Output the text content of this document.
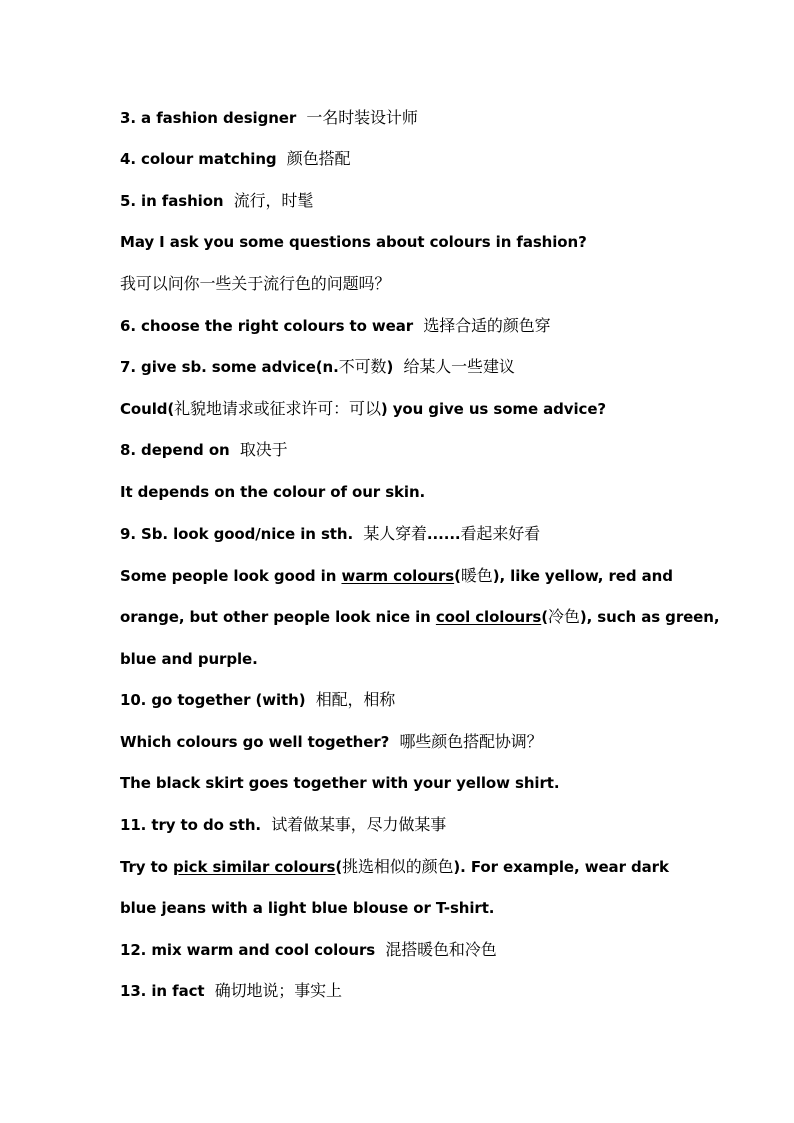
3. a fashion designer  一名时装设计师
4. colour matching  颜色搭配
5. in fashion  流行，时髦
May I ask you some questions about colours in fashion?
我可以问你一些关于流行色的问题吗？
6. choose the right colours to wear  选择合适的颜色穿
7. give sb. some advice(n.不可数)  给某人一些建议
Could(礼貌地请求或征求许可：可以) you give us some advice?
8. depend on  取决于
It depends on the colour of our skin.
9. Sb. look good/nice in sth.  某人穿着......看起来好看
Some people look good in warm colours(暖色), like yellow, red and
orange, but other people look nice in cool clolours(冷色), such as green,
blue and purple.
10. go together (with)  相配，相称
Which colours go well together?  哪些颜色搭配协调？
The black skirt goes together with your yellow shirt.
11. try to do sth.  试着做某事，尽力做某事
Try to pick similar colours(挑选相似的颜色). For example, wear dark
blue jeans with a light blue blouse or T-shirt.
12. mix warm and cool colours  混搭暖色和冷色
13. in fact  确切地说；事实上
